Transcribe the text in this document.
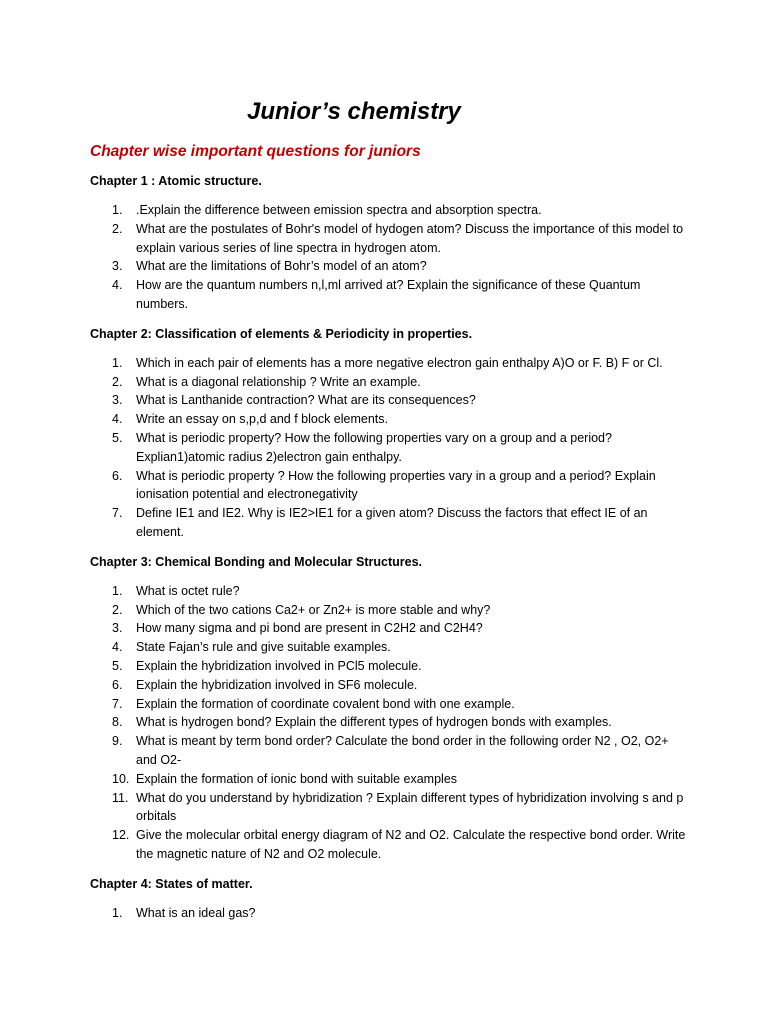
Junior’s chemistry
Chapter wise important questions for juniors
Chapter 1 : Atomic structure.
1. .Explain the difference between emission spectra and absorption spectra.
2. What are the postulates of Bohr's model of hydogen atom? Discuss the importance of this model to explain various series of line spectra in hydrogen atom.
3. What are the limitations of Bohr’s model of an atom?
4. How are the quantum numbers n,l,ml arrived at? Explain the significance of these Quantum numbers.
Chapter 2: Classification of elements & Periodicity in properties.
1. Which in each pair of elements has a more negative electron gain enthalpy A)O or F. B) F or Cl.
2. What is a diagonal relationship ? Write an example.
3. What is Lanthanide contraction? What are its consequences?
4. Write an essay on s,p,d and f block elements.
5. What is periodic property? How the following properties vary on a group and a period? Explian1)atomic radius 2)electron gain enthalpy.
6. What is periodic property ? How the following properties vary in a group and a period? Explain ionisation potential and electronegativity
7. Define IE1 and IE2. Why is IE2>IE1 for a given atom? Discuss the factors that effect IE of an element.
Chapter 3: Chemical Bonding and Molecular Structures.
1. What is octet rule?
2. Which of the two cations Ca2+ or Zn2+ is more stable and why?
3. How many sigma and pi bond are present in C2H2 and C2H4?
4. State Fajan’s rule and give suitable examples.
5. Explain the hybridization involved in PCl5 molecule.
6. Explain the hybridization involved in SF6 molecule.
7. Explain the formation of coordinate covalent bond with one example.
8. What is hydrogen bond? Explain the different types of hydrogen bonds with examples.
9. What is meant by term bond order? Calculate the bond order in the following order N2 , O2, O2+ and O2-
10. Explain the formation of ionic bond with suitable examples
11. What do you understand by hybridization ? Explain different types of hybridization involving s and p orbitals
12. Give the molecular orbital energy diagram of N2 and O2. Calculate the respective bond order. Write the magnetic nature of N2 and O2 molecule.
Chapter 4: States of matter.
1. What is an ideal gas?
